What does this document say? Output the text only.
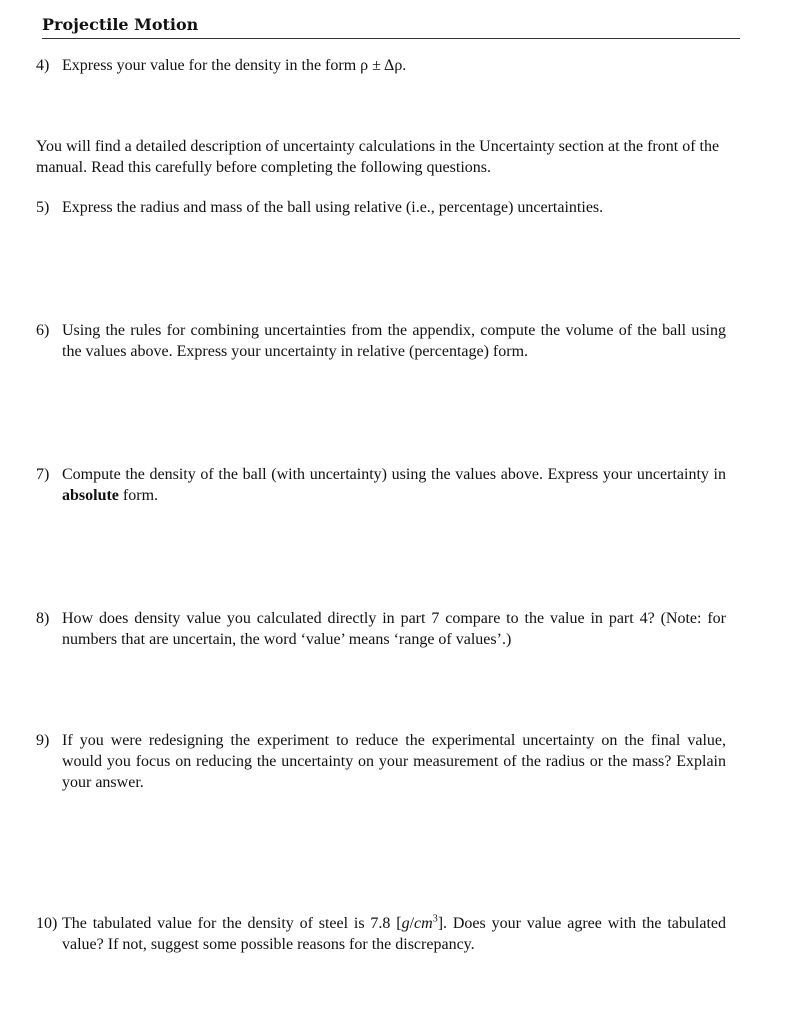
Projectile Motion
4) Express your value for the density in the form ρ ± Δρ.
You will find a detailed description of uncertainty calculations in the Uncertainty section at the front of the manual. Read this carefully before completing the following questions.
5) Express the radius and mass of the ball using relative (i.e., percentage) uncertainties.
6) Using the rules for combining uncertainties from the appendix, compute the volume of the ball using the values above. Express your uncertainty in relative (percentage) form.
7) Compute the density of the ball (with uncertainty) using the values above. Express your uncertainty in absolute form.
8) How does density value you calculated directly in part 7 compare to the value in part 4? (Note: for numbers that are uncertain, the word ‘value’ means ‘range of values’.)
9) If you were redesigning the experiment to reduce the experimental uncertainty on the final value, would you focus on reducing the uncertainty on your measurement of the radius or the mass? Explain your answer.
10) The tabulated value for the density of steel is 7.8 $[g/cm^3]$. Does your value agree with the tabulated value? If not, suggest some possible reasons for the discrepancy.
